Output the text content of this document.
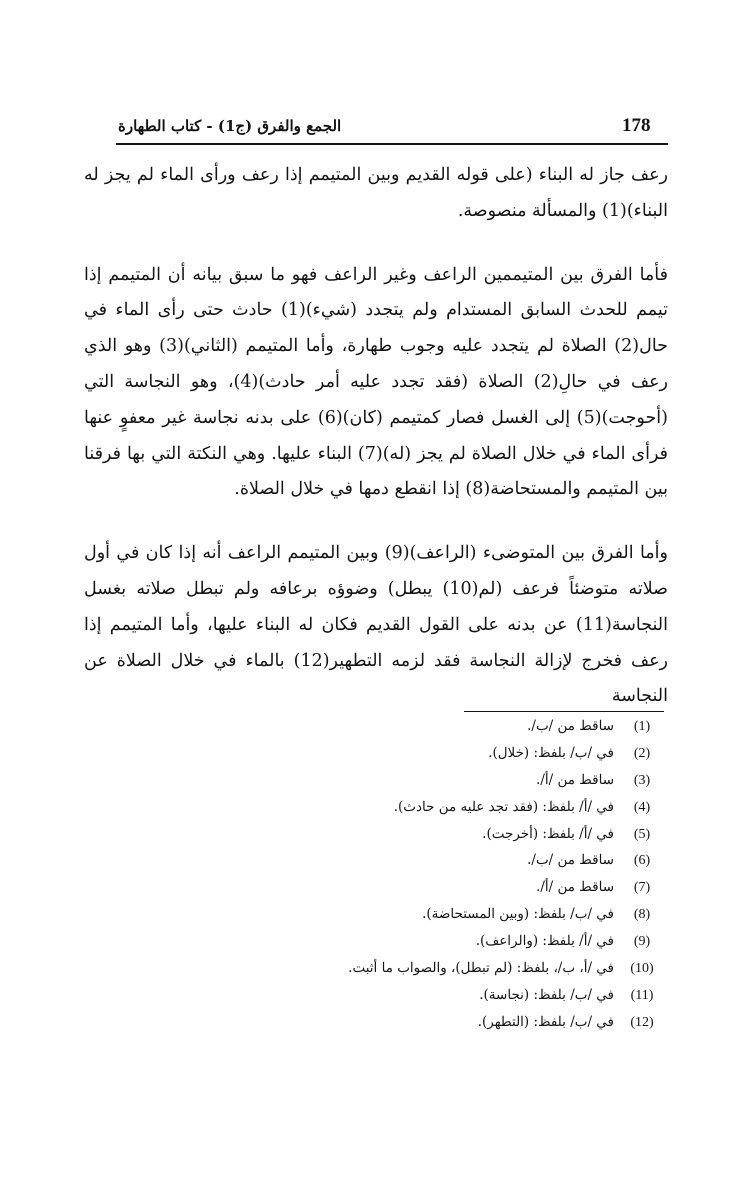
178
الجمع والفرق (ج1) - كتاب الطهارة

رعف جاز له البناء (على قوله القديم وبين المتيمم إذا رعف ورأى الماء لم يجز له البناء)(1) والمسألة منصوصة.

فأما الفرق بين المتيممين الراعف وغير الراعف فهو ما سبق بيانه أن المتيمم إذا تيمم للحدث السابق المستدام ولم يتجدد (شيء)(1) حادث حتى رأى الماء في حال(2) الصلاة لم يتجدد عليه وجوب طهارة، وأما المتيمم (الثاني)(3) وهو الذي رعف في حالِ(2) الصلاة (فقد تجدد عليه أمر حادث)(4)، وهو النجاسة التي (أحوجت)(5) إلى الغسل فصار كمتيمم (كان)(6) على بدنه نجاسة غير معفوٍ عنها فرأى الماء في خلال الصلاة لم يجز (له)(7) البناء عليها. وهي النكتة التي بها فرقنا بين المتيمم والمستحاضة(8) إذا انقطع دمها في خلال الصلاة.

وأما الفرق بين المتوضىء (الراعف)(9) وبين المتيمم الراعف أنه إذا كان في أول صلاته متوضئاً فرعف (لم(10) يبطل) وضوؤه برعافه ولم تبطل صلاته بغسل النجاسة(11) عن بدنه على القول القديم فكان له البناء عليها، وأما المتيمم إذا رعف فخرج لإزالة النجاسة فقد لزمه التطهير(12) بالماء في خلال الصلاة عن النجاسة

(1)
ساقط من /ب/.
(2)
في /ب/ بلفظ: (خلال).
(3)
ساقط من /أ/.
(4)
في /أ/ بلفظ: (فقد تجد عليه من حادث).
(5)
في /أ/ بلفظ: (أخرجت).
(6)
ساقط من /ب/.
(7)
ساقط من /أ/.
(8)
في /ب/ بلفظ: (وبين المستحاضة).
(9)
في /أ/ بلفظ: (والراعف).
(10)
في /أ، ب/، بلفظ: (لم تبطل)، والصواب ما أثبت.
(11)
في /ب/ بلفظ: (نجاسة).
(12)
في /ب/ بلفظ: (التطهر).
